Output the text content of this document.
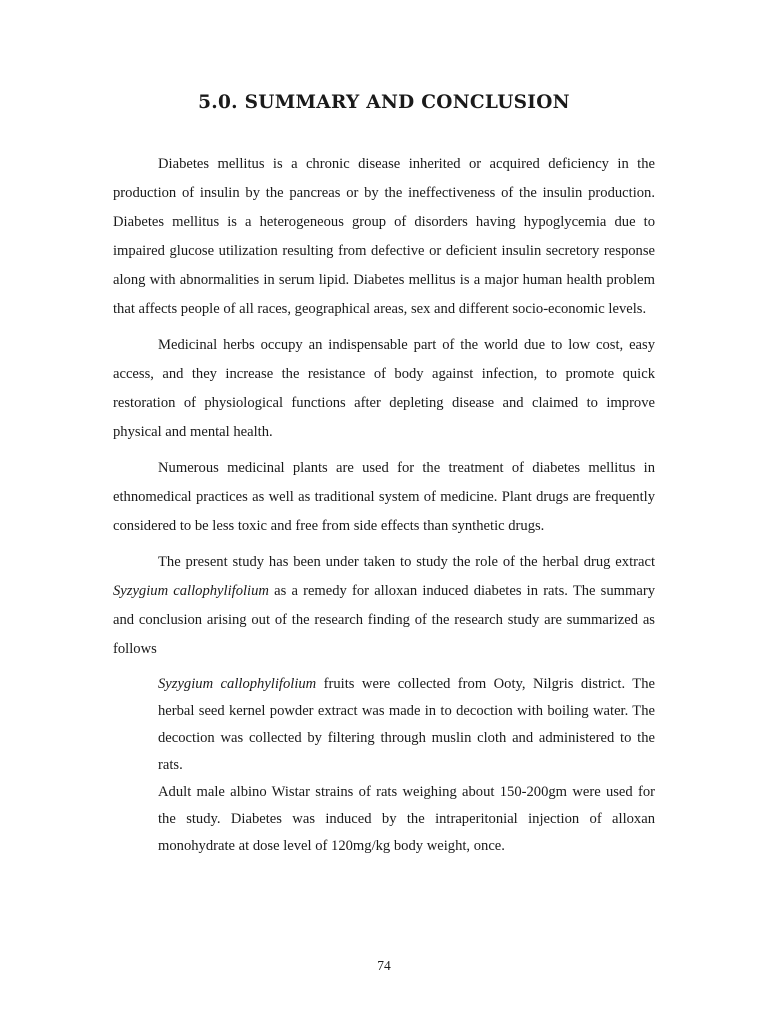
5.0. SUMMARY AND CONCLUSION

Diabetes mellitus is a chronic disease inherited or acquired deficiency in the production of insulin by the pancreas or by the ineffectiveness of the insulin production. Diabetes mellitus is a heterogeneous group of disorders having hypoglycemia due to impaired glucose utilization resulting from defective or deficient insulin secretory response along with abnormalities in serum lipid. Diabetes mellitus is a major human health problem that affects people of all races, geographical areas, sex and different socio-economic levels.

Medicinal herbs occupy an indispensable part of the world due to low cost, easy access, and they increase the resistance of body against infection, to promote quick restoration of physiological functions after depleting disease and claimed to improve physical and mental health.

Numerous medicinal plants are used for the treatment of diabetes mellitus in ethnomedical practices as well as traditional system of medicine. Plant drugs are frequently considered to be less toxic and free from side effects than synthetic drugs.

The present study has been under taken to study the role of the herbal drug extract Syzygium callophylifolium as a remedy for alloxan induced diabetes in rats. The summary and conclusion arising out of the research finding of the research study are summarized as follows

Syzygium callophylifolium fruits were collected from Ooty, Nilgris district. The herbal seed kernel powder extract was made in to decoction with boiling water. The decoction was collected by filtering through muslin cloth and administered to the rats.
Adult male albino Wistar strains of rats weighing about 150-200gm were used for the study. Diabetes was induced by the intraperitonial injection of alloxan monohydrate at dose level of 120mg/kg body weight, once.
74
